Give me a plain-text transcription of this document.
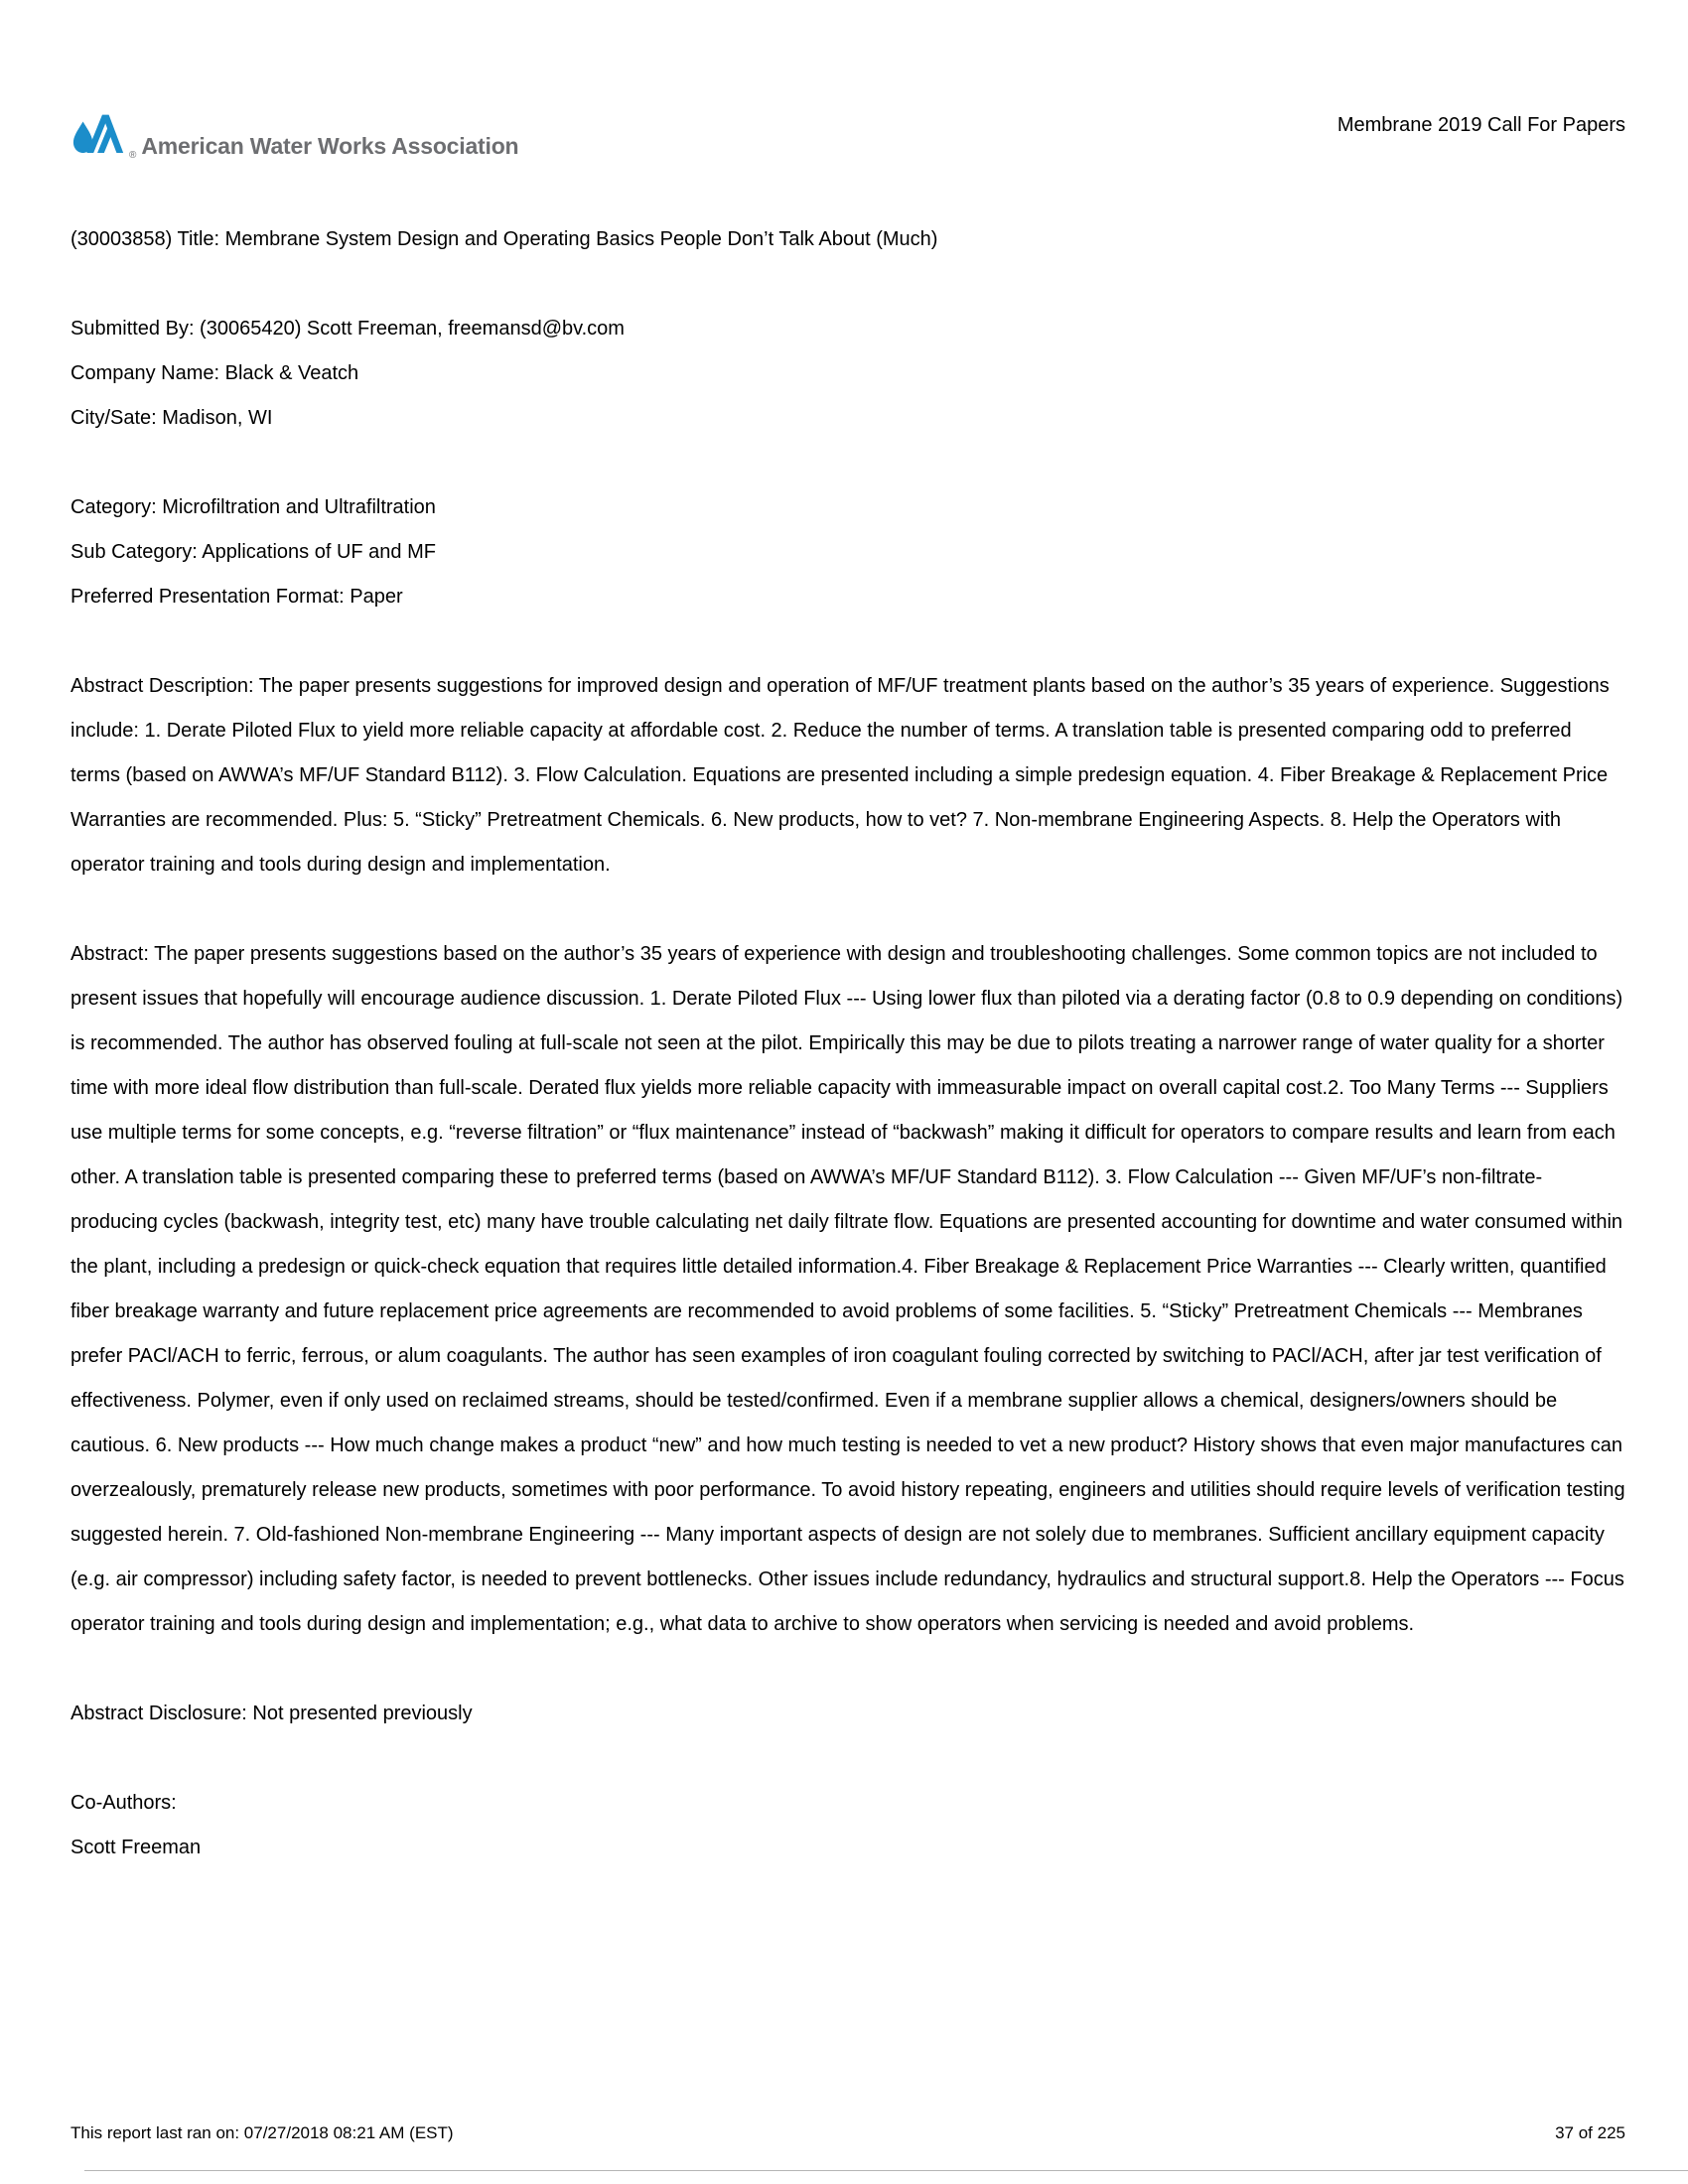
® American Water Works Association
Membrane 2019 Call For Papers
(30003858) Title: Membrane System Design and Operating Basics People Don’t Talk About (Much)
Submitted By: (30065420) Scott Freeman, freemansd@bv.com
Company Name: Black & Veatch
City/Sate: Madison, WI
Category: Microfiltration and Ultrafiltration
Sub Category: Applications of UF and MF
Preferred Presentation Format: Paper
Abstract Description: The paper presents suggestions for improved design and operation of MF/UF treatment plants based on the author’s 35 years of experience. Suggestions include: 1. Derate Piloted Flux to yield more reliable capacity at affordable cost. 2. Reduce the number of terms. A translation table is presented comparing odd to preferred terms (based on AWWA’s MF/UF Standard B112). 3. Flow Calculation. Equations are presented including a simple predesign equation. 4. Fiber Breakage & Replacement Price Warranties are recommended. Plus: 5. “Sticky” Pretreatment Chemicals. 6. New products, how to vet? 7. Non-membrane Engineering Aspects. 8. Help the Operators with operator training and tools during design and implementation.
Abstract: The paper presents suggestions based on the author’s 35 years of experience with design and troubleshooting challenges. Some common topics are not included to present issues that hopefully will encourage audience discussion. 1. Derate Piloted Flux --- Using lower flux than piloted via a derating factor (0.8 to 0.9 depending on conditions) is recommended. The author has observed fouling at full-scale not seen at the pilot. Empirically this may be due to pilots treating a narrower range of water quality for a shorter time with more ideal flow distribution than full-scale. Derated flux yields more reliable capacity with immeasurable impact on overall capital cost.2. Too Many Terms --- Suppliers use multiple terms for some concepts, e.g. “reverse filtration” or “flux maintenance” instead of “backwash” making it difficult for operators to compare results and learn from each other. A translation table is presented comparing these to preferred terms (based on AWWA’s MF/UF Standard B112). 3. Flow Calculation --- Given MF/UF’s non-filtrate-producing cycles (backwash, integrity test, etc) many have trouble calculating net daily filtrate flow. Equations are presented accounting for downtime and water consumed within the plant, including a predesign or quick-check equation that requires little detailed information.4. Fiber Breakage & Replacement Price Warranties --- Clearly written, quantified fiber breakage warranty and future replacement price agreements are recommended to avoid problems of some facilities. 5. “Sticky” Pretreatment Chemicals --- Membranes prefer PACl/ACH to ferric, ferrous, or alum coagulants. The author has seen examples of iron coagulant fouling corrected by switching to PACl/ACH, after jar test verification of effectiveness. Polymer, even if only used on reclaimed streams, should be tested/confirmed. Even if a membrane supplier allows a chemical, designers/owners should be cautious. 6. New products --- How much change makes a product “new” and how much testing is needed to vet a new product? History shows that even major manufactures can overzealously, prematurely release new products, sometimes with poor performance. To avoid history repeating, engineers and utilities should require levels of verification testing suggested herein. 7. Old-fashioned Non-membrane Engineering --- Many important aspects of design are not solely due to membranes. Sufficient ancillary equipment capacity (e.g. air compressor) including safety factor, is needed to prevent bottlenecks. Other issues include redundancy, hydraulics and structural support.8. Help the Operators --- Focus operator training and tools during design and implementation; e.g., what data to archive to show operators when servicing is needed and avoid problems.
Abstract Disclosure: Not presented previously
Co-Authors:
Scott Freeman
This report last ran on: 07/27/2018 08:21 AM (EST)	37 of 225
